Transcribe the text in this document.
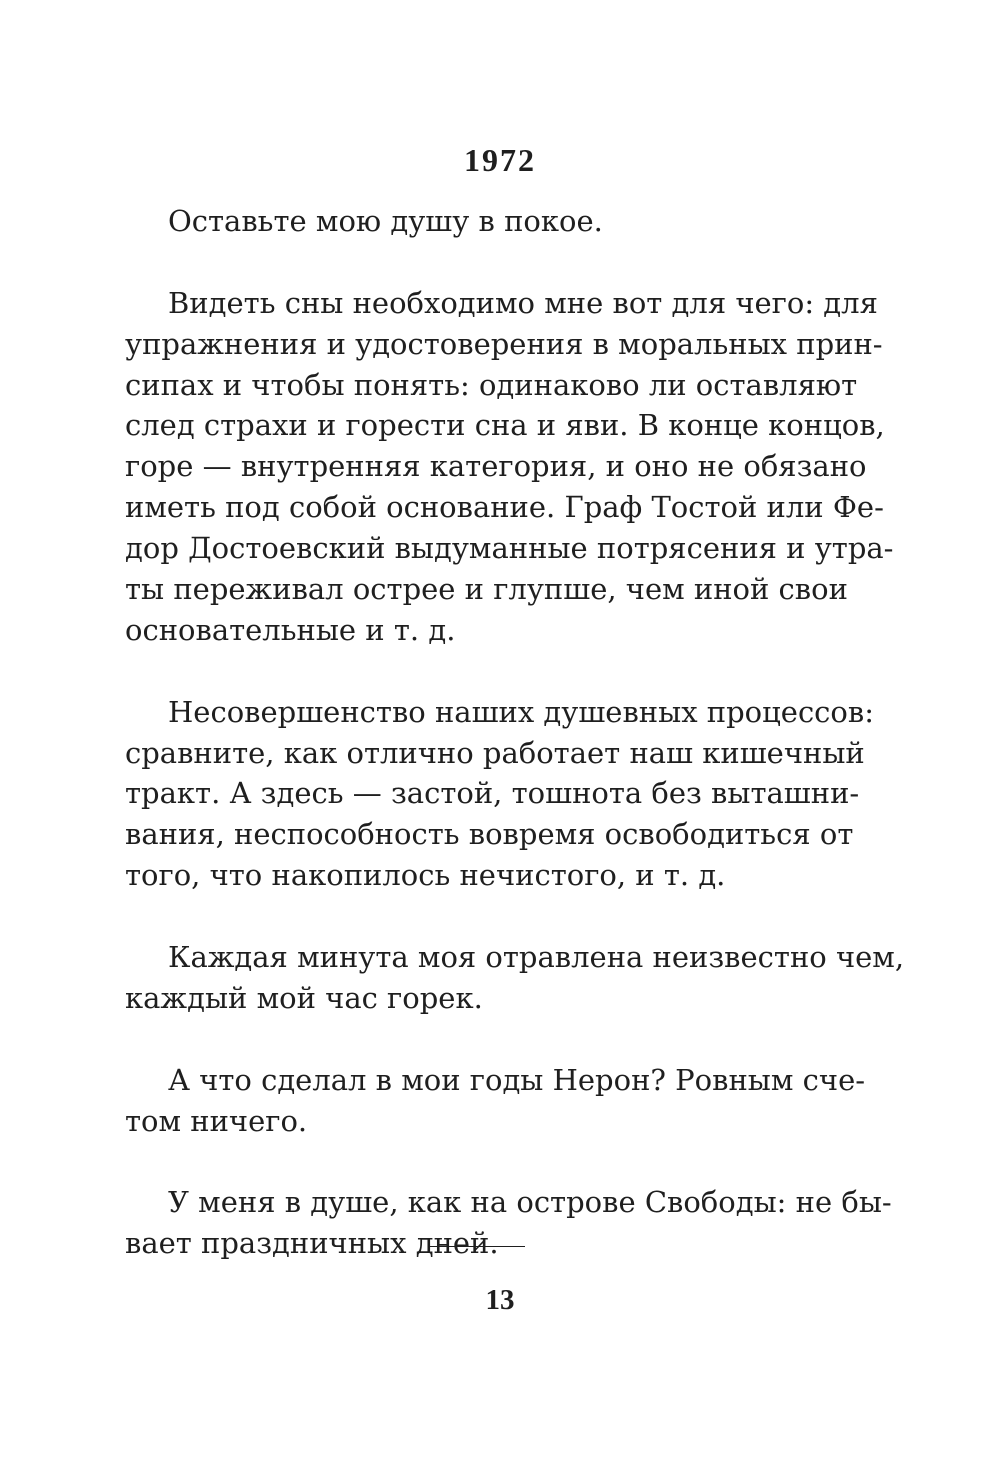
1972
Оставьте мою душу в покое.
Видеть сны необходимо мне вот для чего: для
упражнения и удостоверения в моральных прин-
сипах и чтобы понять: одинаково ли оставляют
след страхи и горести сна и яви. В конце концов,
горе — внутренняя категория, и оно не обязано
иметь под собой основание. Граф Тостой или Фе-
дор Достоевский выдуманные потрясения и утра-
ты переживал острее и глупше, чем иной свои
основательные и т. д.
Несовершенство наших душевных процессов:
сравните, как отлично работает наш кишечный
тракт. А здесь — застой, тошнота без выташни-
вания, неспособность вовремя освободиться от
того, что накопилось нечистого, и т. д.
Каждая минута моя отравлена неизвестно чем,
каждый мой час горек.
А что сделал в мои годы Нерон? Ровным сче-
том ничего.
У меня в душе, как на острове Свободы: не бы-
вает праздничных дней.
13
